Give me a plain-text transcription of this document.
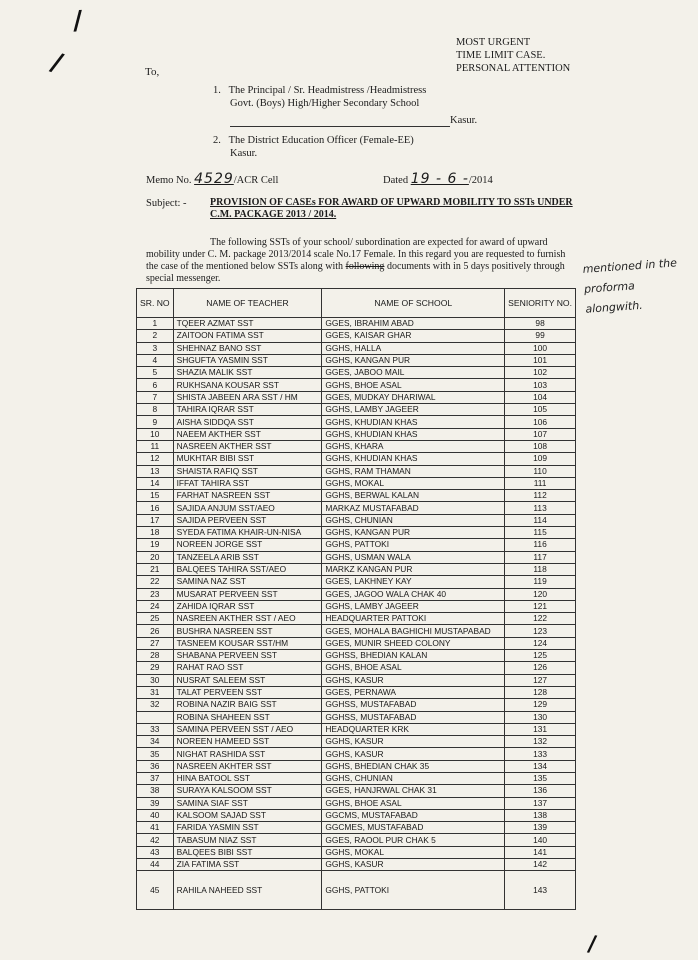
/
/
/
MOST URGENT
TIME LIMIT CASE.
PERSONAL ATTENTION
To,
1. The Principal / Sr. Headmistress /Headmistress
Govt. (Boys) High/Higher Secondary School
Kasur.
2. The District Education Officer (Female-EE)
Kasur.
Memo No. 4529/ACR Cell	Dated 19 - 6 -/2014
Subject: - PROVISION OF CASEs FOR AWARD OF UPWARD MOBILITY TO SSTs UNDER C.M. PACKAGE 2013 / 2014.
The following SSTs of your school/ subordination are expected for award of upward mobility under C. M. package 2013/2014 scale No.17 Female. In this regard you are requested to furnish the case of the mentioned below SSTs along with following documents with in 5 days positively through special messenger.
mentioned in the proforma alongwith.
SR. NO	NAME OF TEACHER	NAME OF SCHOOL	SENIORITY NO.
1	TQEER AZMAT SST	GGES, IBRAHIM ABAD	98
2	ZAITOON FATIMA SST	GGES, KAISAR GHAR	99
3	SHEHNAZ BANO SST	GGHS, HALLA	100
4	SHGUFTA YASMIN SST	GGHS, KANGAN PUR	101
5	SHAZIA MALIK SST	GGES, JABOO MAIL	102
6	RUKHSANA KOUSAR SST	GGHS, BHOE ASAL	103
7	SHISTA JABEEN ARA SST / HM	GGES, MUDKAY DHARIWAL	104
8	TAHIRA IQRAR SST	GGHS, LAMBY JAGEER	105
9	AISHA SIDDQA SST	GGHS, KHUDIAN KHAS	106
10	NAEEM AKTHER SST	GGHS, KHUDIAN KHAS	107
11	NASREEN AKTHER SST	GGHS, KHARA	108
12	MUKHTAR BIBI SST	GGHS, KHUDIAN KHAS	109
13	SHAISTA RAFIQ SST	GGHS, RAM THAMAN	110
14	IFFAT TAHIRA SST	GGHS, MOKAL	111
15	FARHAT NASREEN SST	GGHS, BERWAL KALAN	112
16	SAJIDA ANJUM SST/AEO	MARKAZ MUSTAFABAD	113
17	SAJIDA PERVEEN SST	GGHS, CHUNIAN	114
18	SYEDA FATIMA KHAIR-UN-NISA	GGHS, KANGAN PUR	115
19	NOREEN JORGE SST	GGHS, PATTOKI	116
20	TANZEELA ARIB SST	GGHS, USMAN WALA	117
21	BALQEES TAHIRA SST/AEO	MARKZ KANGAN PUR	118
22	SAMINA NAZ SST	GGES, LAKHNEY KAY	119
23	MUSARAT PERVEEN SST	GGES, JAGOO WALA CHAK 40	120
24	ZAHIDA IQRAR SST	GGHS, LAMBY JAGEER	121
25	NASREEN AKTHER SST / AEO	HEADQUARTER PATTOKI	122
26	BUSHRA NASREEN SST	GGES, MOHALA BAGHICHI MUSTAPABAD	123
27	TASNEEM KOUSAR SST/HM	GGES, MUNIR SHEED COLONY	124
28	SHABANA PERVEEN SST	GGHSS, BHEDIAN KALAN	125
29	RAHAT RAO SST	GGHS, BHOE ASAL	126
30	NUSRAT SALEEM SST	GGHS, KASUR	127
31	TALAT PERVEEN SST	GGES, PERNAWA	128
32	ROBINA NAZIR BAIG SST	GGHSS, MUSTAFABAD	129
	ROBINA SHAHEEN SST	GGHSS, MUSTAFABAD	130
33	SAMINA PERVEEN SST / AEO	HEADQUARTER KRK	131
34	NOREEN HAMEED SST	GGHS, KASUR	132
35	NIGHAT RASHIDA SST	GGHS, KASUR	133
36	NASREEN AKHTER SST	GGHS, BHEDIAN CHAK 35	134
37	HINA BATOOL SST	GGHS, CHUNIAN	135
38	SURAYA KALSOOM SST	GGES, HANJRWAL CHAK 31	136
39	SAMINA SIAF SST	GGHS, BHOE ASAL	137
40	KALSOOM SAJAD SST	GGCMS, MUSTAFABAD	138
41	FARIDA YASMIN SST	GGCMES, MUSTAFABAD	139
42	TABASUM NIAZ SST	GGES, RAOOL PUR CHAK 5	140
43	BALQEES BIBI SST	GGHS, MOKAL	141
44	ZIA FATIMA SST	GGHS, KASUR	142
45	RAHILA NAHEED SST	GGHS, PATTOKI	143
